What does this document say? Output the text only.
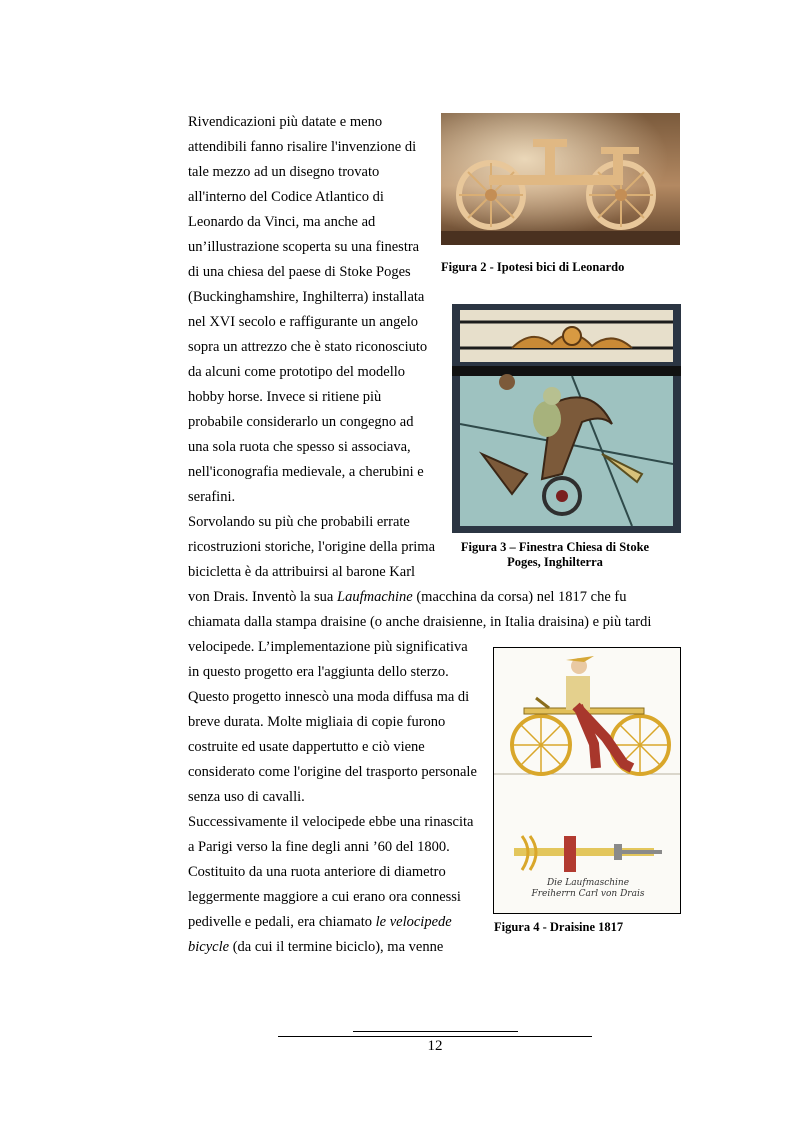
Rivendicazioni più datate e meno
attendibili fanno risalire l'invenzione di
tale mezzo ad un disegno trovato
all'interno del Codice Atlantico di
Leonardo da Vinci, ma anche ad
un’illustrazione scoperta su una finestra
di una chiesa del paese di Stoke Poges
(Buckinghamshire, Inghilterra) installata
nel XVI secolo e raffigurante un angelo
sopra un attrezzo che è stato riconosciuto
da alcuni come prototipo del modello
hobby horse. Invece si ritiene più
probabile considerarlo un congegno ad
una sola ruota che spesso si associava,
nell'iconografia medievale, a cherubini e
serafini.
Sorvolando su più che probabili errate
ricostruzioni storiche, l'origine della prima
bicicletta è da attribuirsi al barone Karl
von Drais. Inventò la sua Laufmachine (macchina da corsa) nel 1817 che fu
chiamata dalla stampa draisine (o anche draisienne, in Italia draisina) e più tardi
velocipede. L’implementazione più significativa
in questo progetto era l'aggiunta dello sterzo.
Questo progetto innescò una moda diffusa ma di
breve durata. Molte migliaia di copie furono
costruite ed usate dappertutto e ciò viene
considerato come l'origine del trasporto personale
senza uso di cavalli.
Successivamente il velocipede ebbe una rinascita
a Parigi verso la fine degli anni ’60 del 1800.
Costituito da una ruota anteriore di diametro
leggermente maggiore a cui erano ora connessi
pedivelle e pedali, era chiamato le velocipede
bicycle (da cui il termine biciclo), ma venne
Figura 2 - Ipotesi bici di Leonardo
Figura 3 – Finestra Chiesa di Stoke
Poges, Inghilterra
Die Laufmaschine
Freiherrn Carl von Drais
Figura 4 - Draisine 1817
12
